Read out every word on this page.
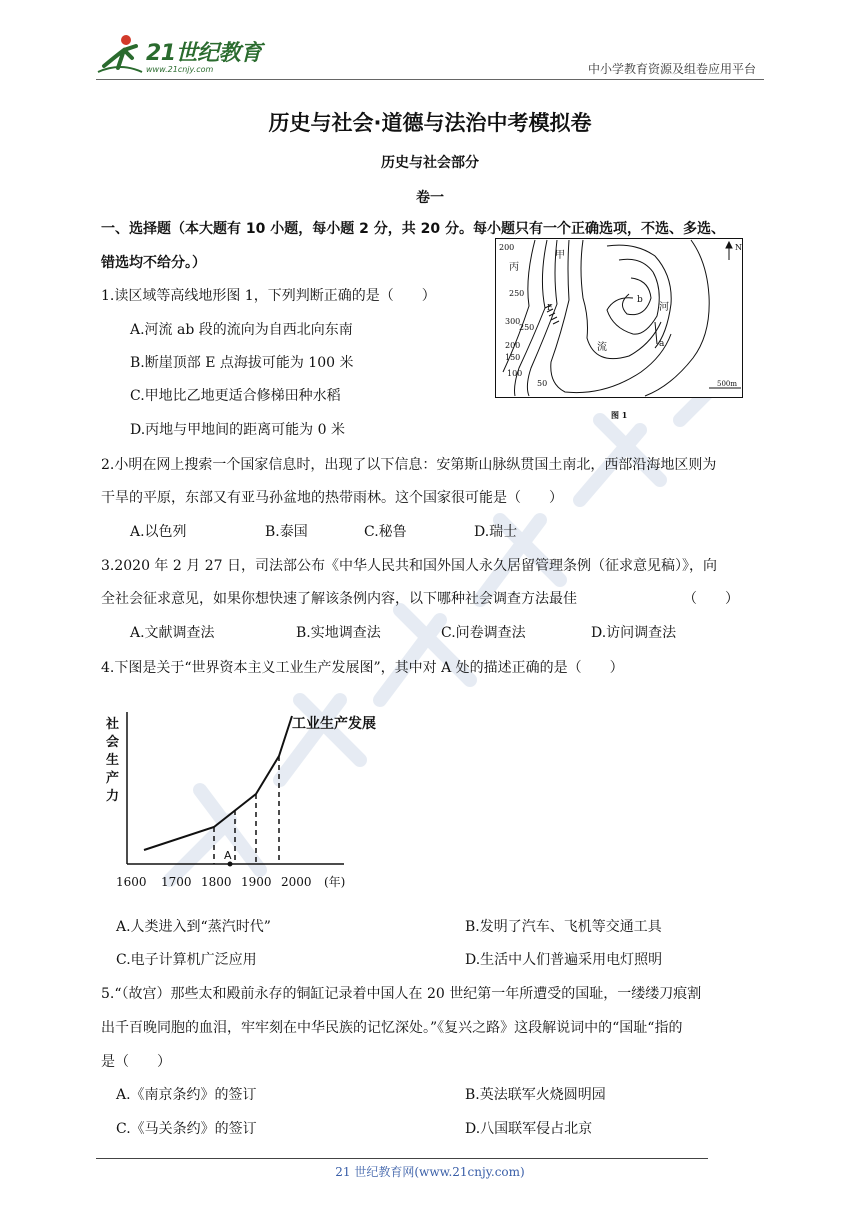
21世纪教育
www.21cnjy.com	中小学教育资源及组卷应用平台
历史与社会·道德与法治中考模拟卷
历史与社会部分
卷一
一、选择题（本大题有 10 小题，每小题 2 分，共 20 分。每小题只有一个正确选项，不选、多选、
错选均不给分。）
1.读区域等高线地形图 1，下列判断正确的是（　　）
A.河流 ab 段的流向为自西北向东南
B.断崖顶部 E 点海拔可能为 100 米
C.甲地比乙地更适合修梯田种水稻
D.丙地与甲地间的距离可能为 0 米
200
250
300
250
200
150
100
50
丙
甲
河
流
E
a
b
N
500m
图 1
2.小明在网上搜索一个国家信息时，出现了以下信息：安第斯山脉纵贯国土南北，西部沿海地区则为
干旱的平原，东部又有亚马孙盆地的热带雨林。这个国家很可能是（　　）
A.以色列	B.泰国	C.秘鲁	D.瑞士
3.2020 年 2 月 27 日，司法部公布《中华人民共和国外国人永久居留管理条例（征求意见稿）》，向
全社会征求意见，如果你想快速了解该条例内容，以下哪种社会调查方法最佳	（　　）
A.文献调查法	B.实地调查法	C.问卷调查法	D.访问调查法
4.下图是关于“世界资本主义工业生产发展图”，其中对 A 处的描述正确的是（　　）
工业生产发展
社
会
生
产
力
A
1600 1700 1800 1900 2000 (年)
A.人类进入到“蒸汽时代”	B.发明了汽车、飞机等交通工具
C.电子计算机广泛应用	D.生活中人们普遍采用电灯照明
5.“（故宫）那些太和殿前永存的铜缸记录着中国人在 20 世纪第一年所遭受的国耻，一缕缕刀痕割
出千百晚同胞的血泪，牢牢刻在中华民族的记忆深处。”《复兴之路》这段解说词中的“国耻“指的
是（　　）
A.《南京条约》的签订	B.英法联军火烧圆明园
C.《马关条约》的签订	D.八国联军侵占北京
21 世纪教育网(www.21cnjy.com)
